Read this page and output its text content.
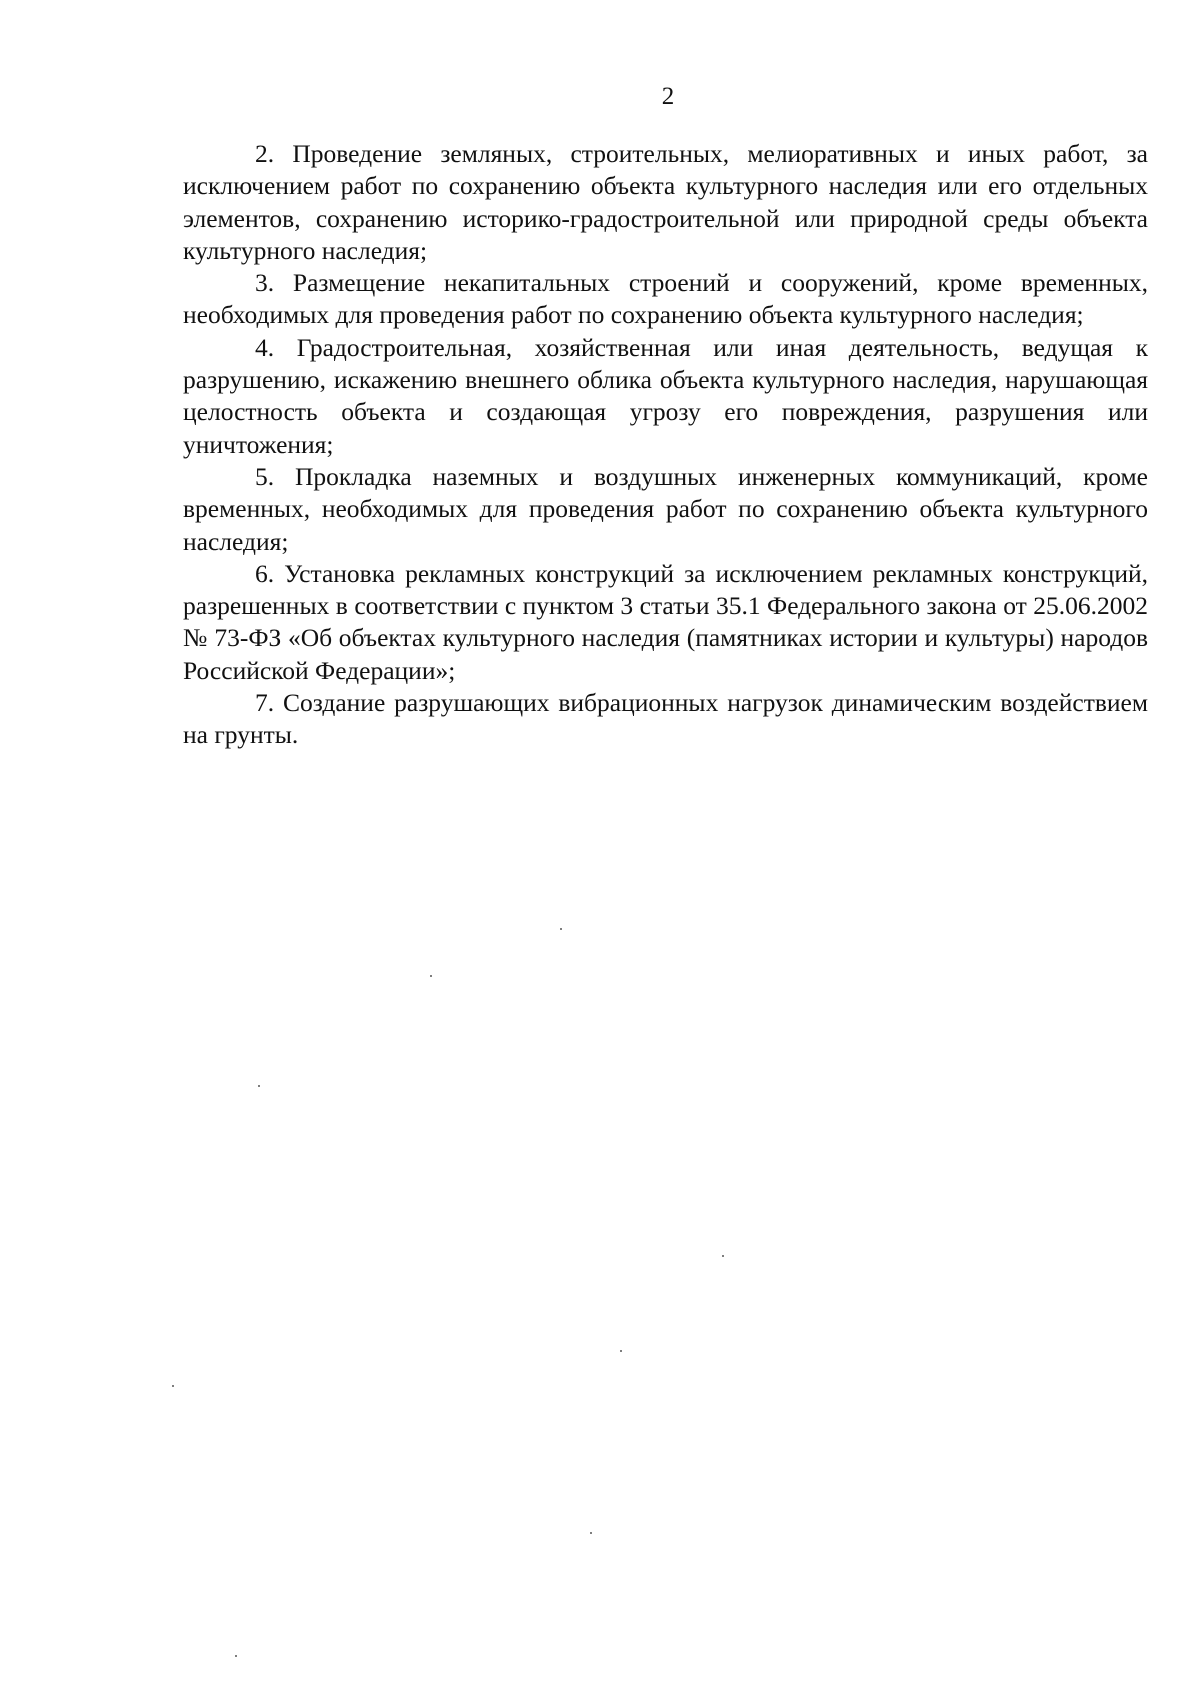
2

2. Проведение земляных, строительных, мелиоративных и иных работ, за исключением работ по сохранению объекта культурного наследия или его отдельных элементов, сохранению историко-градостроительной или природной среды объекта культурного наследия;

3. Размещение некапитальных строений и сооружений, кроме временных, необходимых для проведения работ по сохранению объекта культурного наследия;

4. Градостроительная, хозяйственная или иная деятельность, ведущая к разрушению, искажению внешнего облика объекта культурного наследия, нарушающая целостность объекта и создающая угрозу его повреждения, разрушения или уничтожения;

5. Прокладка наземных и воздушных инженерных коммуникаций, кроме временных, необходимых для проведения работ по сохранению объекта культурного наследия;

6. Установка рекламных конструкций за исключением рекламных конструкций, разрешенных в соответствии с пунктом 3 статьи 35.1 Федерального закона от 25.06.2002 № 73-ФЗ «Об объектах культурного наследия (памятниках истории и культуры) народов Российской Федерации»;

7. Создание разрушающих вибрационных нагрузок динамическим воздействием на грунты.
